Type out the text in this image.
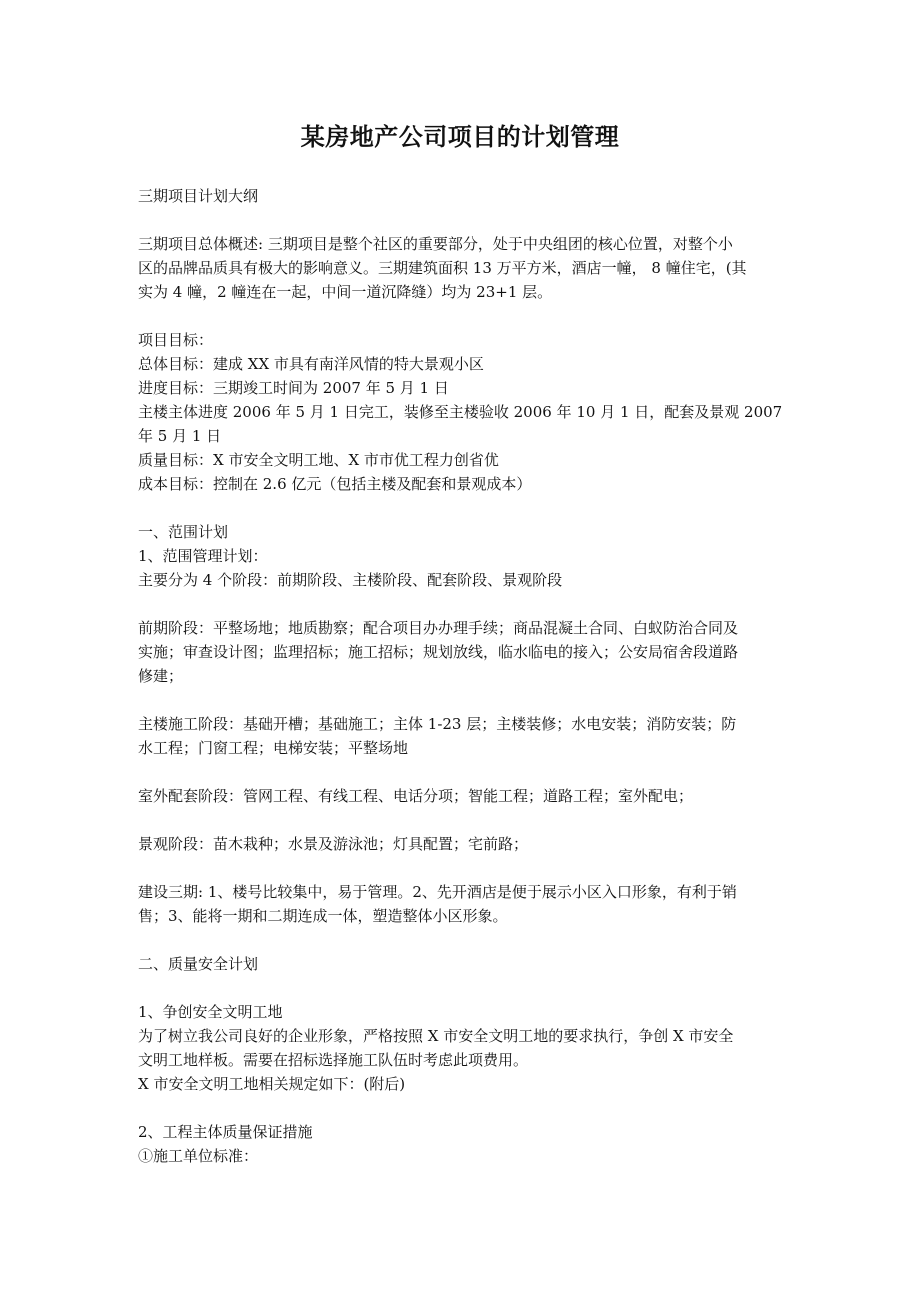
某房地产公司项目的计划管理

三期项目计划大纲

三期项目总体概述: 三期项目是整个社区的重要部分，处于中央组团的核心位置，对整个小

区的品牌品质具有极大的影响意义。三期建筑面积 13 万平方米，酒店一幢， 8 幢住宅，(其

实为 4 幢，2 幢连在一起，中间一道沉降缝）均为 23+1 层。

项目目标：

总体目标：建成 XX 市具有南洋风情的特大景观小区

进度目标：三期竣工时间为 2007 年 5 月 1 日

主楼主体进度 2006 年 5 月 1 日完工，装修至主楼验收 2006 年 10 月 1 日，配套及景观 2007

年 5 月 1 日

质量目标：X 市安全文明工地、X 市市优工程力创省优

成本目标：控制在 2.6 亿元（包括主楼及配套和景观成本）

一、范围计划

1、范围管理计划：

主要分为 4 个阶段：前期阶段、主楼阶段、配套阶段、景观阶段

前期阶段：平整场地；地质勘察；配合项目办办理手续；商品混凝土合同、白蚁防治合同及

实施；审查设计图；监理招标；施工招标；规划放线，临水临电的接入；公安局宿舍段道路

修建；

主楼施工阶段：基础开槽；基础施工；主体 1-23 层；主楼装修；水电安装；消防安装；防

水工程；门窗工程；电梯安装；平整场地

室外配套阶段：管网工程、有线工程、电话分项；智能工程；道路工程；室外配电；

景观阶段：苗木栽种；水景及游泳池；灯具配置；宅前路；

建设三期: 1、楼号比较集中，易于管理。2、先开酒店是便于展示小区入口形象，有利于销

售；3、能将一期和二期连成一体，塑造整体小区形象。

二、质量安全计划

1、争创安全文明工地

为了树立我公司良好的企业形象，严格按照 X 市安全文明工地的要求执行，争创 X 市安全

文明工地样板。需要在招标选择施工队伍时考虑此项费用。

X 市安全文明工地相关规定如下：(附后)

2、工程主体质量保证措施

①施工单位标准：
